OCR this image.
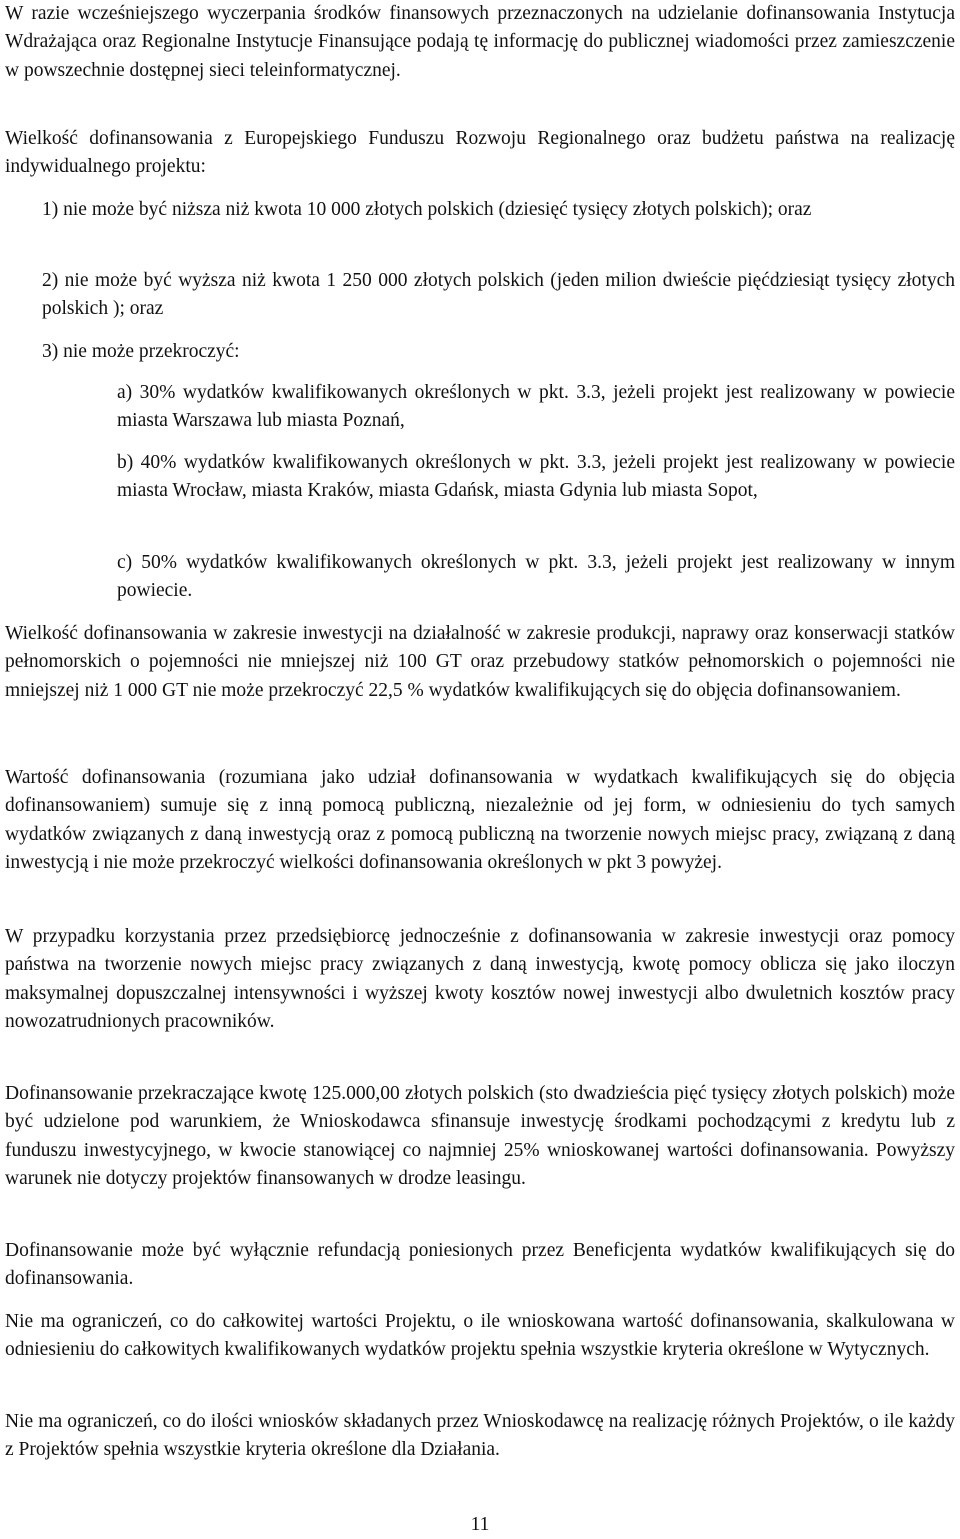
W razie wcześniejszego wyczerpania środków finansowych przeznaczonych na udzielanie dofinansowania Instytucja Wdrażająca oraz Regionalne Instytucje Finansujące podają tę informację do publicznej wiadomości przez zamieszczenie w powszechnie dostępnej sieci teleinformatycznej.

Wielkość dofinansowania z Europejskiego Funduszu Rozwoju Regionalnego oraz budżetu państwa na realizację indywidualnego projektu:

1) nie może być niższa niż kwota 10 000 złotych polskich (dziesięć tysięcy złotych polskich); oraz

2) nie może być wyższa niż kwota 1 250 000 złotych polskich (jeden milion dwieście pięćdziesiąt tysięcy złotych polskich ); oraz

3) nie może przekroczyć:

a) 30% wydatków kwalifikowanych określonych w pkt. 3.3, jeżeli projekt jest realizowany w powiecie miasta Warszawa lub miasta Poznań,

b) 40% wydatków kwalifikowanych określonych w pkt. 3.3, jeżeli projekt jest realizowany w powiecie miasta Wrocław, miasta Kraków, miasta Gdańsk, miasta Gdynia lub miasta Sopot,

c) 50% wydatków kwalifikowanych określonych w pkt. 3.3, jeżeli projekt jest realizowany w innym powiecie.

Wielkość dofinansowania w zakresie inwestycji na działalność w zakresie produkcji, naprawy oraz konserwacji statków pełnomorskich o pojemności nie mniejszej niż 100 GT oraz przebudowy statków pełnomorskich o pojemności nie mniejszej niż 1 000 GT nie może przekroczyć 22,5 % wydatków kwalifikujących się do objęcia dofinansowaniem.

Wartość dofinansowania (rozumiana jako udział dofinansowania w wydatkach kwalifikujących się do objęcia dofinansowaniem) sumuje się z inną pomocą publiczną, niezależnie od jej form, w odniesieniu do tych samych wydatków związanych z daną inwestycją oraz z pomocą publiczną na tworzenie nowych miejsc pracy, związaną z daną inwestycją i nie może przekroczyć wielkości dofinansowania określonych w pkt 3 powyżej.

W przypadku korzystania przez przedsiębiorcę jednocześnie z dofinansowania w zakresie inwestycji oraz pomocy państwa na tworzenie nowych miejsc pracy związanych z daną inwestycją, kwotę pomocy oblicza się jako iloczyn maksymalnej dopuszczalnej intensywności i wyższej kwoty kosztów nowej inwestycji albo dwuletnich kosztów pracy nowozatrudnionych pracowników.

Dofinansowanie przekraczające kwotę 125.000,00 złotych polskich (sto dwadzieścia pięć tysięcy złotych polskich) może być udzielone pod warunkiem, że Wnioskodawca sfinansuje inwestycję środkami pochodzącymi z kredytu lub z funduszu inwestycyjnego, w kwocie stanowiącej co najmniej 25% wnioskowanej wartości dofinansowania. Powyższy warunek nie dotyczy projektów finansowanych w drodze leasingu.

Dofinansowanie może być wyłącznie refundacją poniesionych przez Beneficjenta wydatków kwalifikujących się do dofinansowania.

Nie ma ograniczeń, co do całkowitej wartości Projektu, o ile wnioskowana wartość dofinansowania, skalkulowana w odniesieniu do całkowitych kwalifikowanych wydatków projektu spełnia wszystkie kryteria określone w Wytycznych.

Nie ma ograniczeń, co do ilości wniosków składanych przez Wnioskodawcę na realizację różnych Projektów, o ile każdy z Projektów spełnia wszystkie kryteria określone dla Działania.

11
